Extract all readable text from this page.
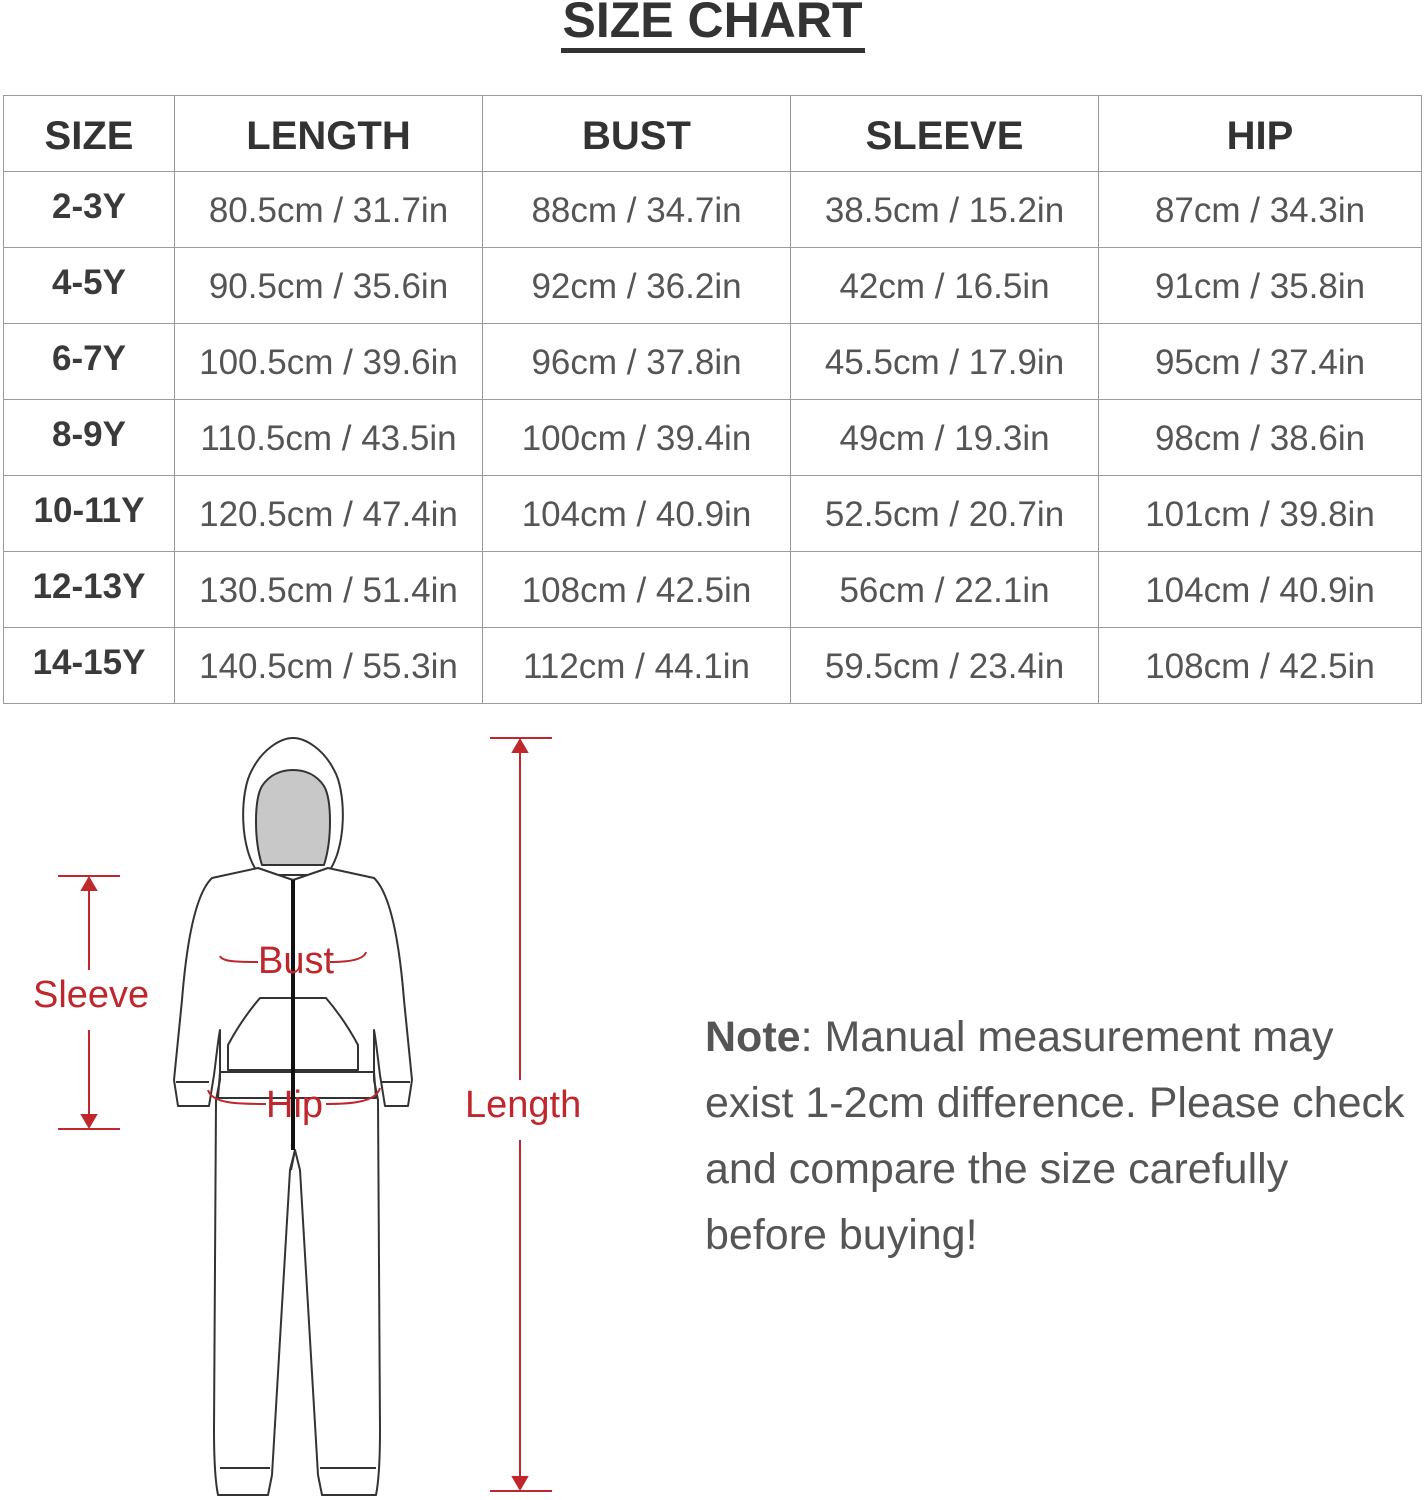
SIZE CHART
SIZE	LENGTH	BUST	SLEEVE	HIP
2-3Y	80.5cm / 31.7in	88cm / 34.7in	38.5cm / 15.2in	87cm / 34.3in
4-5Y	90.5cm / 35.6in	92cm / 36.2in	42cm / 16.5in	91cm / 35.8in
6-7Y	100.5cm / 39.6in	96cm / 37.8in	45.5cm / 17.9in	95cm / 37.4in
8-9Y	110.5cm / 43.5in	100cm / 39.4in	49cm / 19.3in	98cm / 38.6in
10-11Y	120.5cm / 47.4in	104cm / 40.9in	52.5cm / 20.7in	101cm / 39.8in
12-13Y	130.5cm / 51.4in	108cm / 42.5in	56cm / 22.1in	104cm / 40.9in
14-15Y	140.5cm / 55.3in	112cm / 44.1in	59.5cm / 23.4in	108cm / 42.5in
Sleeve
Bust
Hip	Length
Note: Manual measurement may exist 1-2cm difference. Please check and compare the size carefully before buying!
